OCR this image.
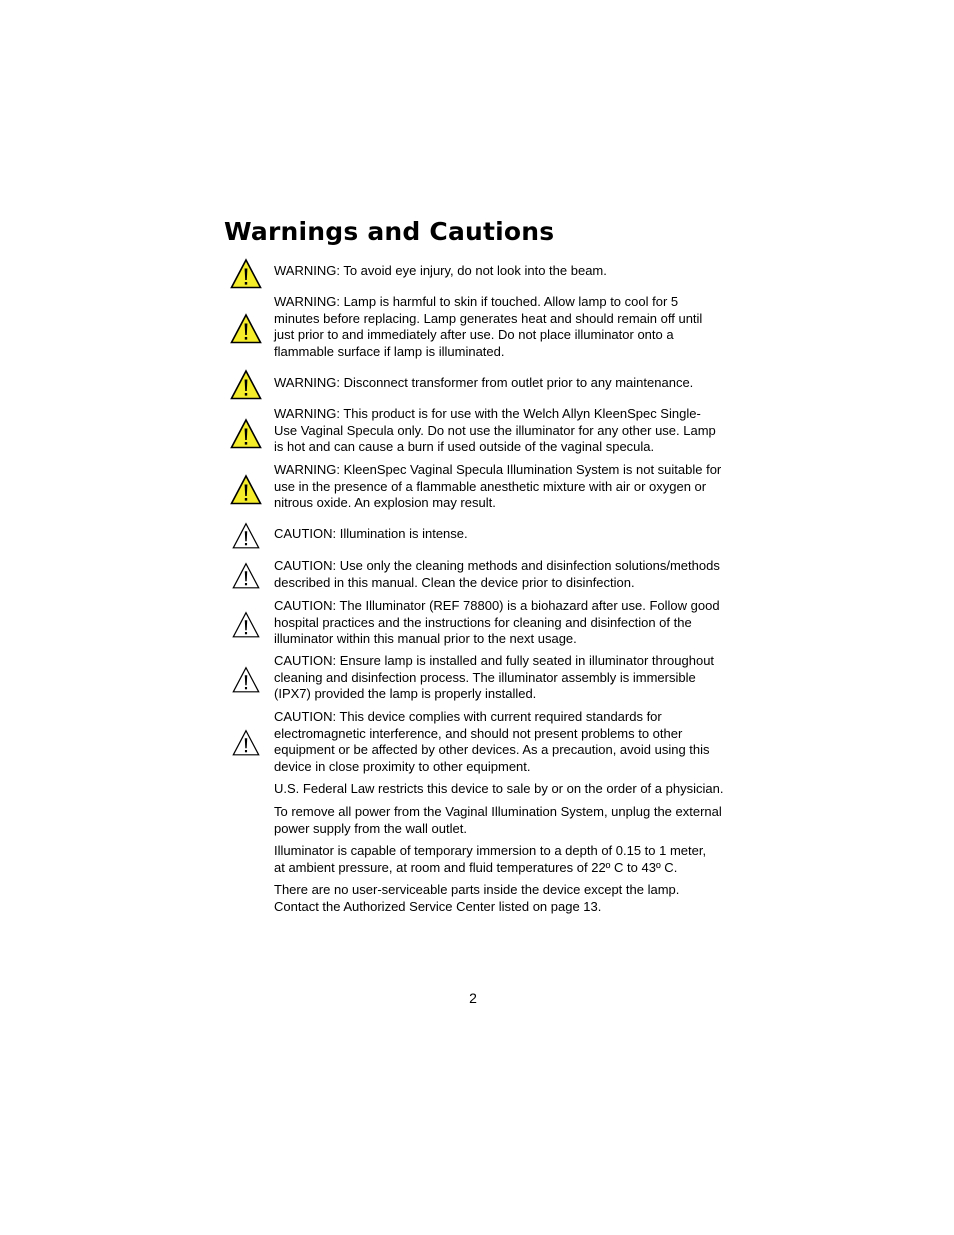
Warnings and Cautions
WARNING: To avoid eye injury, do not look into the beam.
WARNING: Lamp is harmful to skin if touched. Allow lamp to cool for 5
minutes before replacing. Lamp generates heat and should remain off until
just prior to and immediately after use. Do not place illuminator onto a
flammable surface if lamp is illuminated.
WARNING: Disconnect transformer from outlet prior to any maintenance.
WARNING: This product is for use with the Welch Allyn KleenSpec Single-
Use Vaginal Specula only. Do not use the illuminator for any other use. Lamp
is hot and can cause a burn if used outside of the vaginal specula.
WARNING: KleenSpec Vaginal Specula Illumination System is not suitable for
use in the presence of a flammable anesthetic mixture with air or oxygen or
nitrous oxide. An explosion may result.
CAUTION: Illumination is intense.
CAUTION: Use only the cleaning methods and disinfection solutions/methods
described in this manual. Clean the device prior to disinfection.
CAUTION: The Illuminator (REF 78800) is a biohazard after use. Follow good
hospital practices and the instructions for cleaning and disinfection of the
illuminator within this manual prior to the next usage.
CAUTION: Ensure lamp is installed and fully seated in illuminator throughout
cleaning and disinfection process. The illuminator assembly is immersible
(IPX7) provided the lamp is properly installed.
CAUTION: This device complies with current required standards for
electromagnetic interference, and should not present problems to other
equipment or be affected by other devices. As a precaution, avoid using this
device in close proximity to other equipment.
U.S. Federal Law restricts this device to sale by or on the order of a physician.
To remove all power from the Vaginal Illumination System, unplug the external
power supply from the wall outlet.
Illuminator is capable of temporary immersion to a depth of 0.15 to 1 meter,
at ambient pressure, at room and fluid temperatures of 22º C to 43º C.
There are no user-serviceable parts inside the device except the lamp.
Contact the Authorized Service Center listed on page 13.
2
